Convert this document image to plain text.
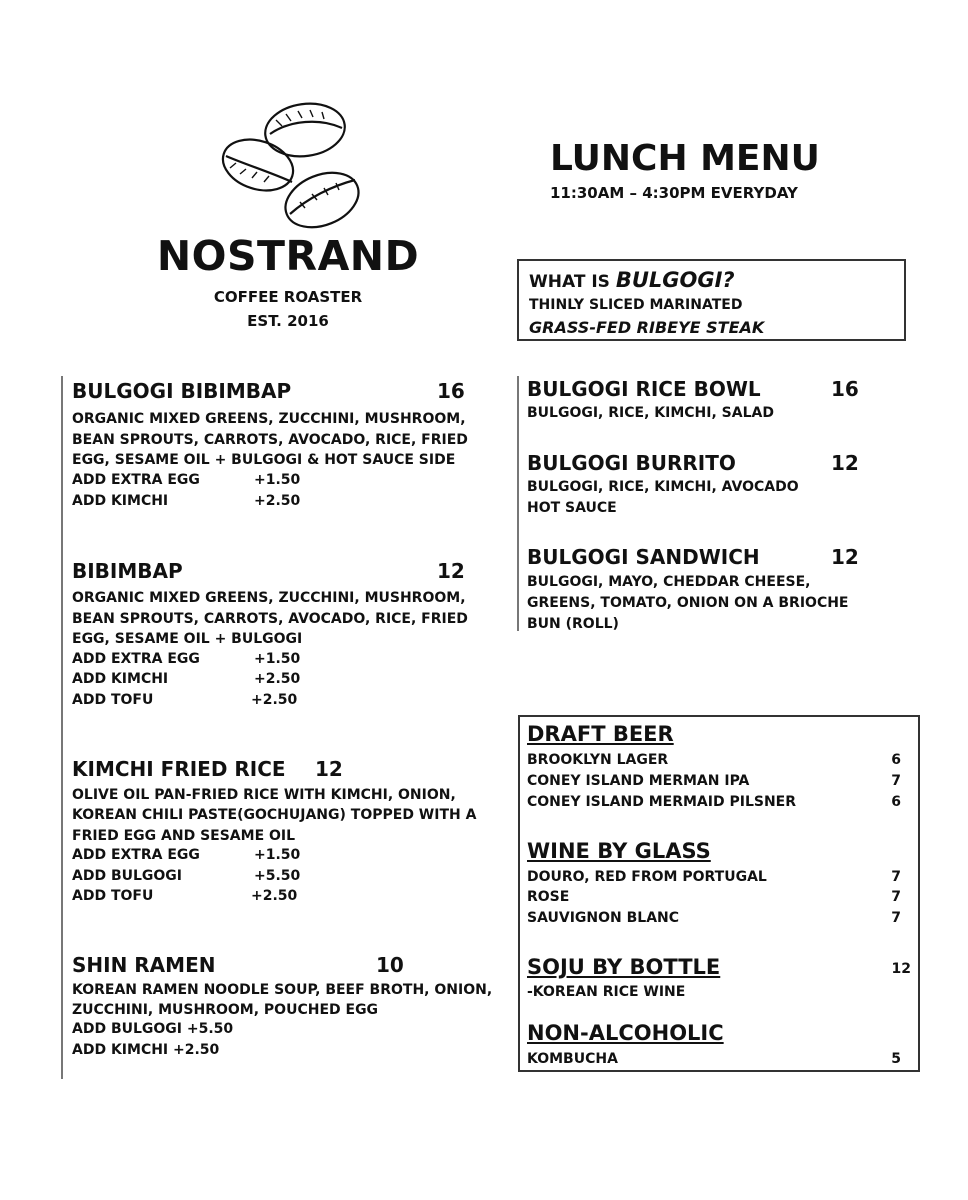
NOSTRAND
COFFEE ROASTER
EST. 2016
LUNCH MENU
11:30AM – 4:30PM EVERYDAY
WHAT IS BULGOGI?
THINLY SLICED MARINATED
GRASS-FED RIBEYE STEAK
BULGOGI BIBIMBAP	16
ORGANIC MIXED GREENS, ZUCCHINI, MUSHROOM,
BEAN SPROUTS, CARROTS, AVOCADO, RICE, FRIED
EGG, SESAME OIL + BULGOGI & HOT SAUCE SIDE
ADD EXTRA EGG	+1.50
ADD KIMCHI	+2.50
BIBIMBAP	12
ORGANIC MIXED GREENS, ZUCCHINI, MUSHROOM,
BEAN SPROUTS, CARROTS, AVOCADO, RICE, FRIED
EGG, SESAME OIL + BULGOGI
ADD EXTRA EGG	+1.50
ADD KIMCHI	+2.50
ADD TOFU	+2.50
KIMCHI FRIED RICE 12
OLIVE OIL PAN-FRIED RICE WITH KIMCHI, ONION,
KOREAN CHILI PASTE(GOCHUJANG) TOPPED WITH A
FRIED EGG AND SESAME OIL
ADD EXTRA EGG	+1.50
ADD BULGOGI	+5.50
ADD TOFU	+2.50
SHIN RAMEN	10
KOREAN RAMEN NOODLE SOUP, BEEF BROTH, ONION,
ZUCCHINI, MUSHROOM, POUCHED EGG
ADD BULGOGI +5.50
ADD KIMCHI +2.50
BULGOGI RICE BOWL	16
BULGOGI, RICE, KIMCHI, SALAD
BULGOGI BURRITO	12
BULGOGI, RICE, KIMCHI, AVOCADO
HOT SAUCE
BULGOGI SANDWICH	12
BULGOGI, MAYO, CHEDDAR CHEESE,
GREENS, TOMATO, ONION ON A BRIOCHE
BUN (ROLL)
DRAFT BEER
BROOKLYN LAGER	6
CONEY ISLAND MERMAN IPA	7
CONEY ISLAND MERMAID PILSNER	6
WINE BY GLASS
DOURO, RED FROM PORTUGAL	7
ROSE	7
SAUVIGNON BLANC	7
SOJU BY BOTTLE	12
-KOREAN RICE WINE
NON-ALCOHOLIC
KOMBUCHA	5
